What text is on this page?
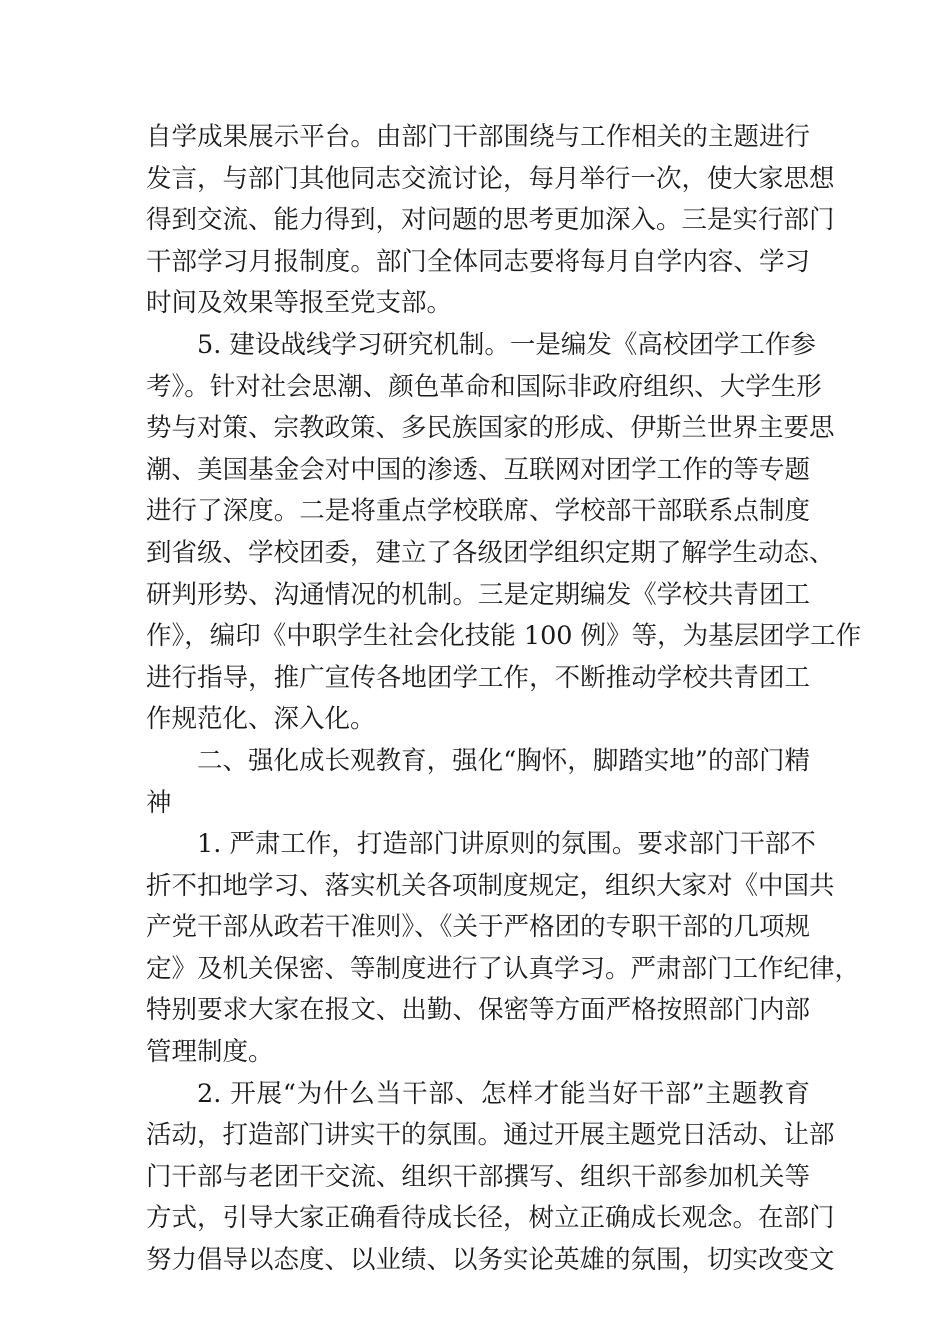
自学成果展示平台。由部门干部围绕与工作相关的主题进行
发言，与部门其他同志交流讨论，每月举行一次，使大家思想
得到交流、能力得到，对问题的思考更加深入。三是实行部门
干部学习月报制度。部门全体同志要将每月自学内容、学习
时间及效果等报至党支部。
5. 建设战线学习研究机制。一是编发《高校团学工作参
考》。针对社会思潮、颜色革命和国际非政府组织、大学生形
势与对策、宗教政策、多民族国家的形成、伊斯兰世界主要思
潮、美国基金会对中国的渗透、互联网对团学工作的等专题
进行了深度。二是将重点学校联席、学校部干部联系点制度
到省级、学校团委，建立了各级团学组织定期了解学生动态、
研判形势、沟通情况的机制。三是定期编发《学校共青团工
作》，编印《中职学生社会化技能 100 例》等，为基层团学工作
进行指导，推广宣传各地团学工作，不断推动学校共青团工
作规范化、深入化。
二、强化成长观教育，强化“胸怀，脚踏实地”的部门精
神
1. 严肃工作，打造部门讲原则的氛围。要求部门干部不
折不扣地学习、落实机关各项制度规定，组织大家对《中国共
产党干部从政若干准则》、《关于严格团的专职干部的几项规
定》及机关保密、等制度进行了认真学习。严肃部门工作纪律，
特别要求大家在报文、出勤、保密等方面严格按照部门内部
管理制度。
2. 开展“为什么当干部、怎样才能当好干部”主题教育
活动，打造部门讲实干的氛围。通过开展主题党日活动、让部
门干部与老团干交流、组织干部撰写、组织干部参加机关等
方式，引导大家正确看待成长径，树立正确成长观念。在部门
努力倡导以态度、以业绩、以务实论英雄的氛围，切实改变文
